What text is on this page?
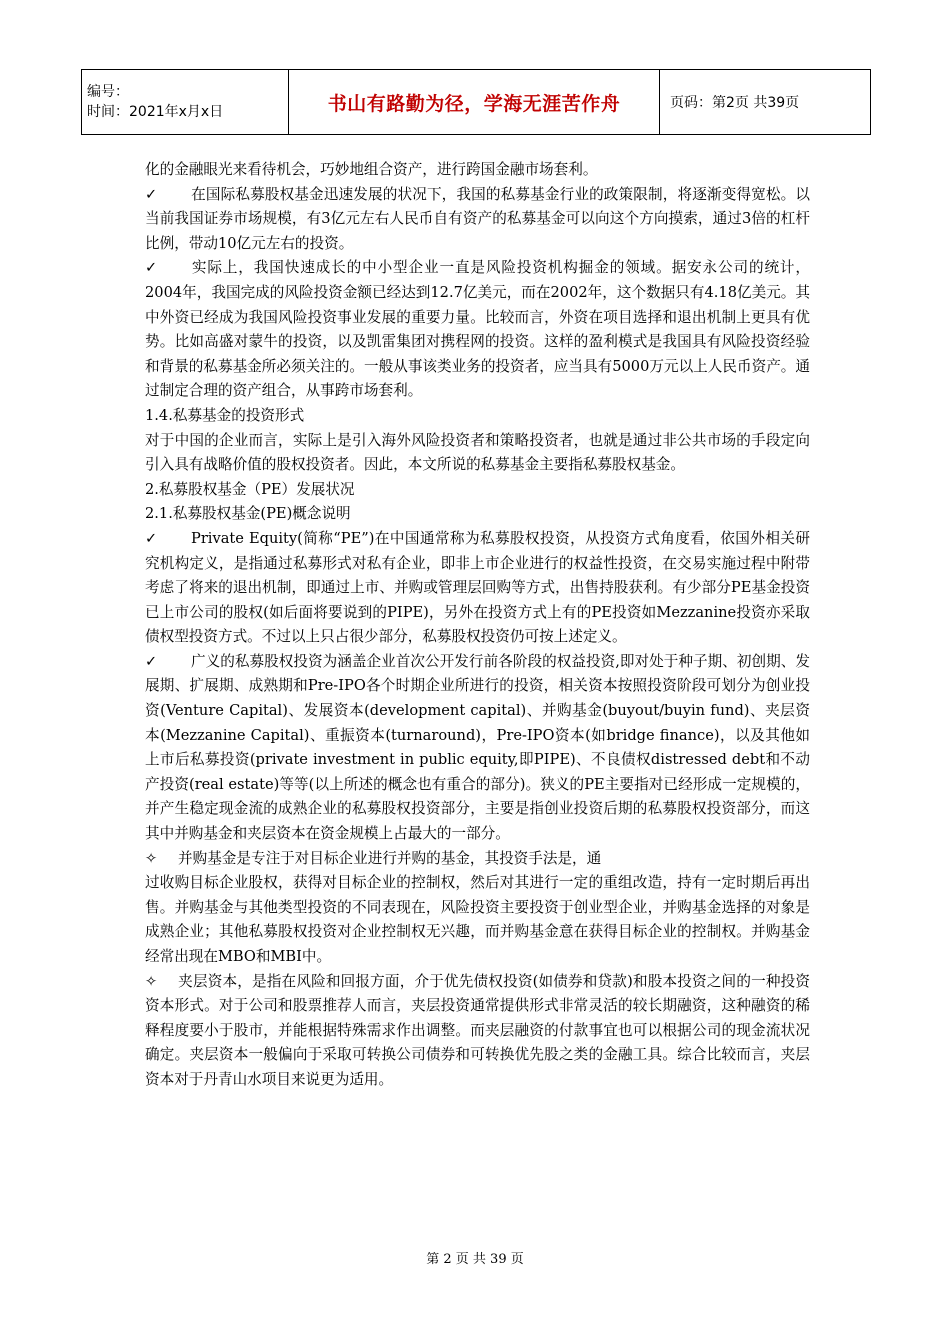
编号：
时间：2021年x月x日	书山有路勤为径，学海无涯苦作舟	页码：第2页 共39页

化的金融眼光来看待机会，巧妙地组合资产，进行跨国金融市场套利。

✓ 在国际私募股权基金迅速发展的状况下，我国的私募基金行业的政策限制，将逐渐变得宽松。以当前我国证券市场规模，有3亿元左右人民币自有资产的私募基金可以向这个方向摸索，通过3倍的杠杆比例，带动10亿元左右的投资。

✓ 实际上，我国快速成长的中小型企业一直是风险投资机构掘金的领域。据安永公司的统计，2004年，我国完成的风险投资金额已经达到12.7亿美元，而在2002年，这个数据只有4.18亿美元。其中外资已经成为我国风险投资事业发展的重要力量。比较而言，外资在项目选择和退出机制上更具有优势。比如高盛对蒙牛的投资，以及凯雷集团对携程网的投资。这样的盈利模式是我国具有风险投资经验和背景的私募基金所必须关注的。一般从事该类业务的投资者，应当具有5000万元以上人民币资产。通过制定合理的资产组合，从事跨市场套利。

1.4.私募基金的投资形式

对于中国的企业而言，实际上是引入海外风险投资者和策略投资者，也就是通过非公共市场的手段定向引入具有战略价值的股权投资者。因此，本文所说的私募基金主要指私募股权基金。

2.私募股权基金（PE）发展状况

2.1.私募股权基金(PE)概念说明

✓ Private Equity(简称“PE”)在中国通常称为私募股权投资，从投资方式角度看，依国外相关研究机构定义，是指通过私募形式对私有企业，即非上市企业进行的权益性投资，在交易实施过程中附带考虑了将来的退出机制，即通过上市、并购或管理层回购等方式，出售持股获利。有少部分PE基金投资已上市公司的股权(如后面将要说到的PIPE)，另外在投资方式上有的PE投资如Mezzanine投资亦采取债权型投资方式。不过以上只占很少部分，私募股权投资仍可按上述定义。

✓ 广义的私募股权投资为涵盖企业首次公开发行前各阶段的权益投资,即对处于种子期、初创期、发展期、扩展期、成熟期和Pre-IPO各个时期企业所进行的投资，相关资本按照投资阶段可划分为创业投资(Venture Capital)、发展资本(development capital)、并购基金(buyout/buyin fund)、夹层资本(Mezzanine Capital)、重振资本(turnaround)，Pre-IPO资本(如bridge finance)，以及其他如上市后私募投资(private investment in public equity,即PIPE)、不良债权distressed debt和不动产投资(real estate)等等(以上所述的概念也有重合的部分)。狭义的PE主要指对已经形成一定规模的，并产生稳定现金流的成熟企业的私募股权投资部分，主要是指创业投资后期的私募股权投资部分，而这其中并购基金和夹层资本在资金规模上占最大的一部分。

✧ 并购基金是专注于对目标企业进行并购的基金，其投资手法是，通

过收购目标企业股权，获得对目标企业的控制权，然后对其进行一定的重组改造，持有一定时期后再出售。并购基金与其他类型投资的不同表现在，风险投资主要投资于创业型企业，并购基金选择的对象是成熟企业；其他私募股权投资对企业控制权无兴趣，而并购基金意在获得目标企业的控制权。并购基金经常出现在MBO和MBI中。

✧ 夹层资本，是指在风险和回报方面，介于优先债权投资(如债券和贷款)和股本投资之间的一种投资资本形式。对于公司和股票推荐人而言，夹层投资通常提供形式非常灵活的较长期融资，这种融资的稀释程度要小于股市，并能根据特殊需求作出调整。而夹层融资的付款事宜也可以根据公司的现金流状况确定。夹层资本一般偏向于采取可转换公司债券和可转换优先股之类的金融工具。综合比较而言，夹层资本对于丹青山水项目来说更为适用。

第 2 页 共 39 页
